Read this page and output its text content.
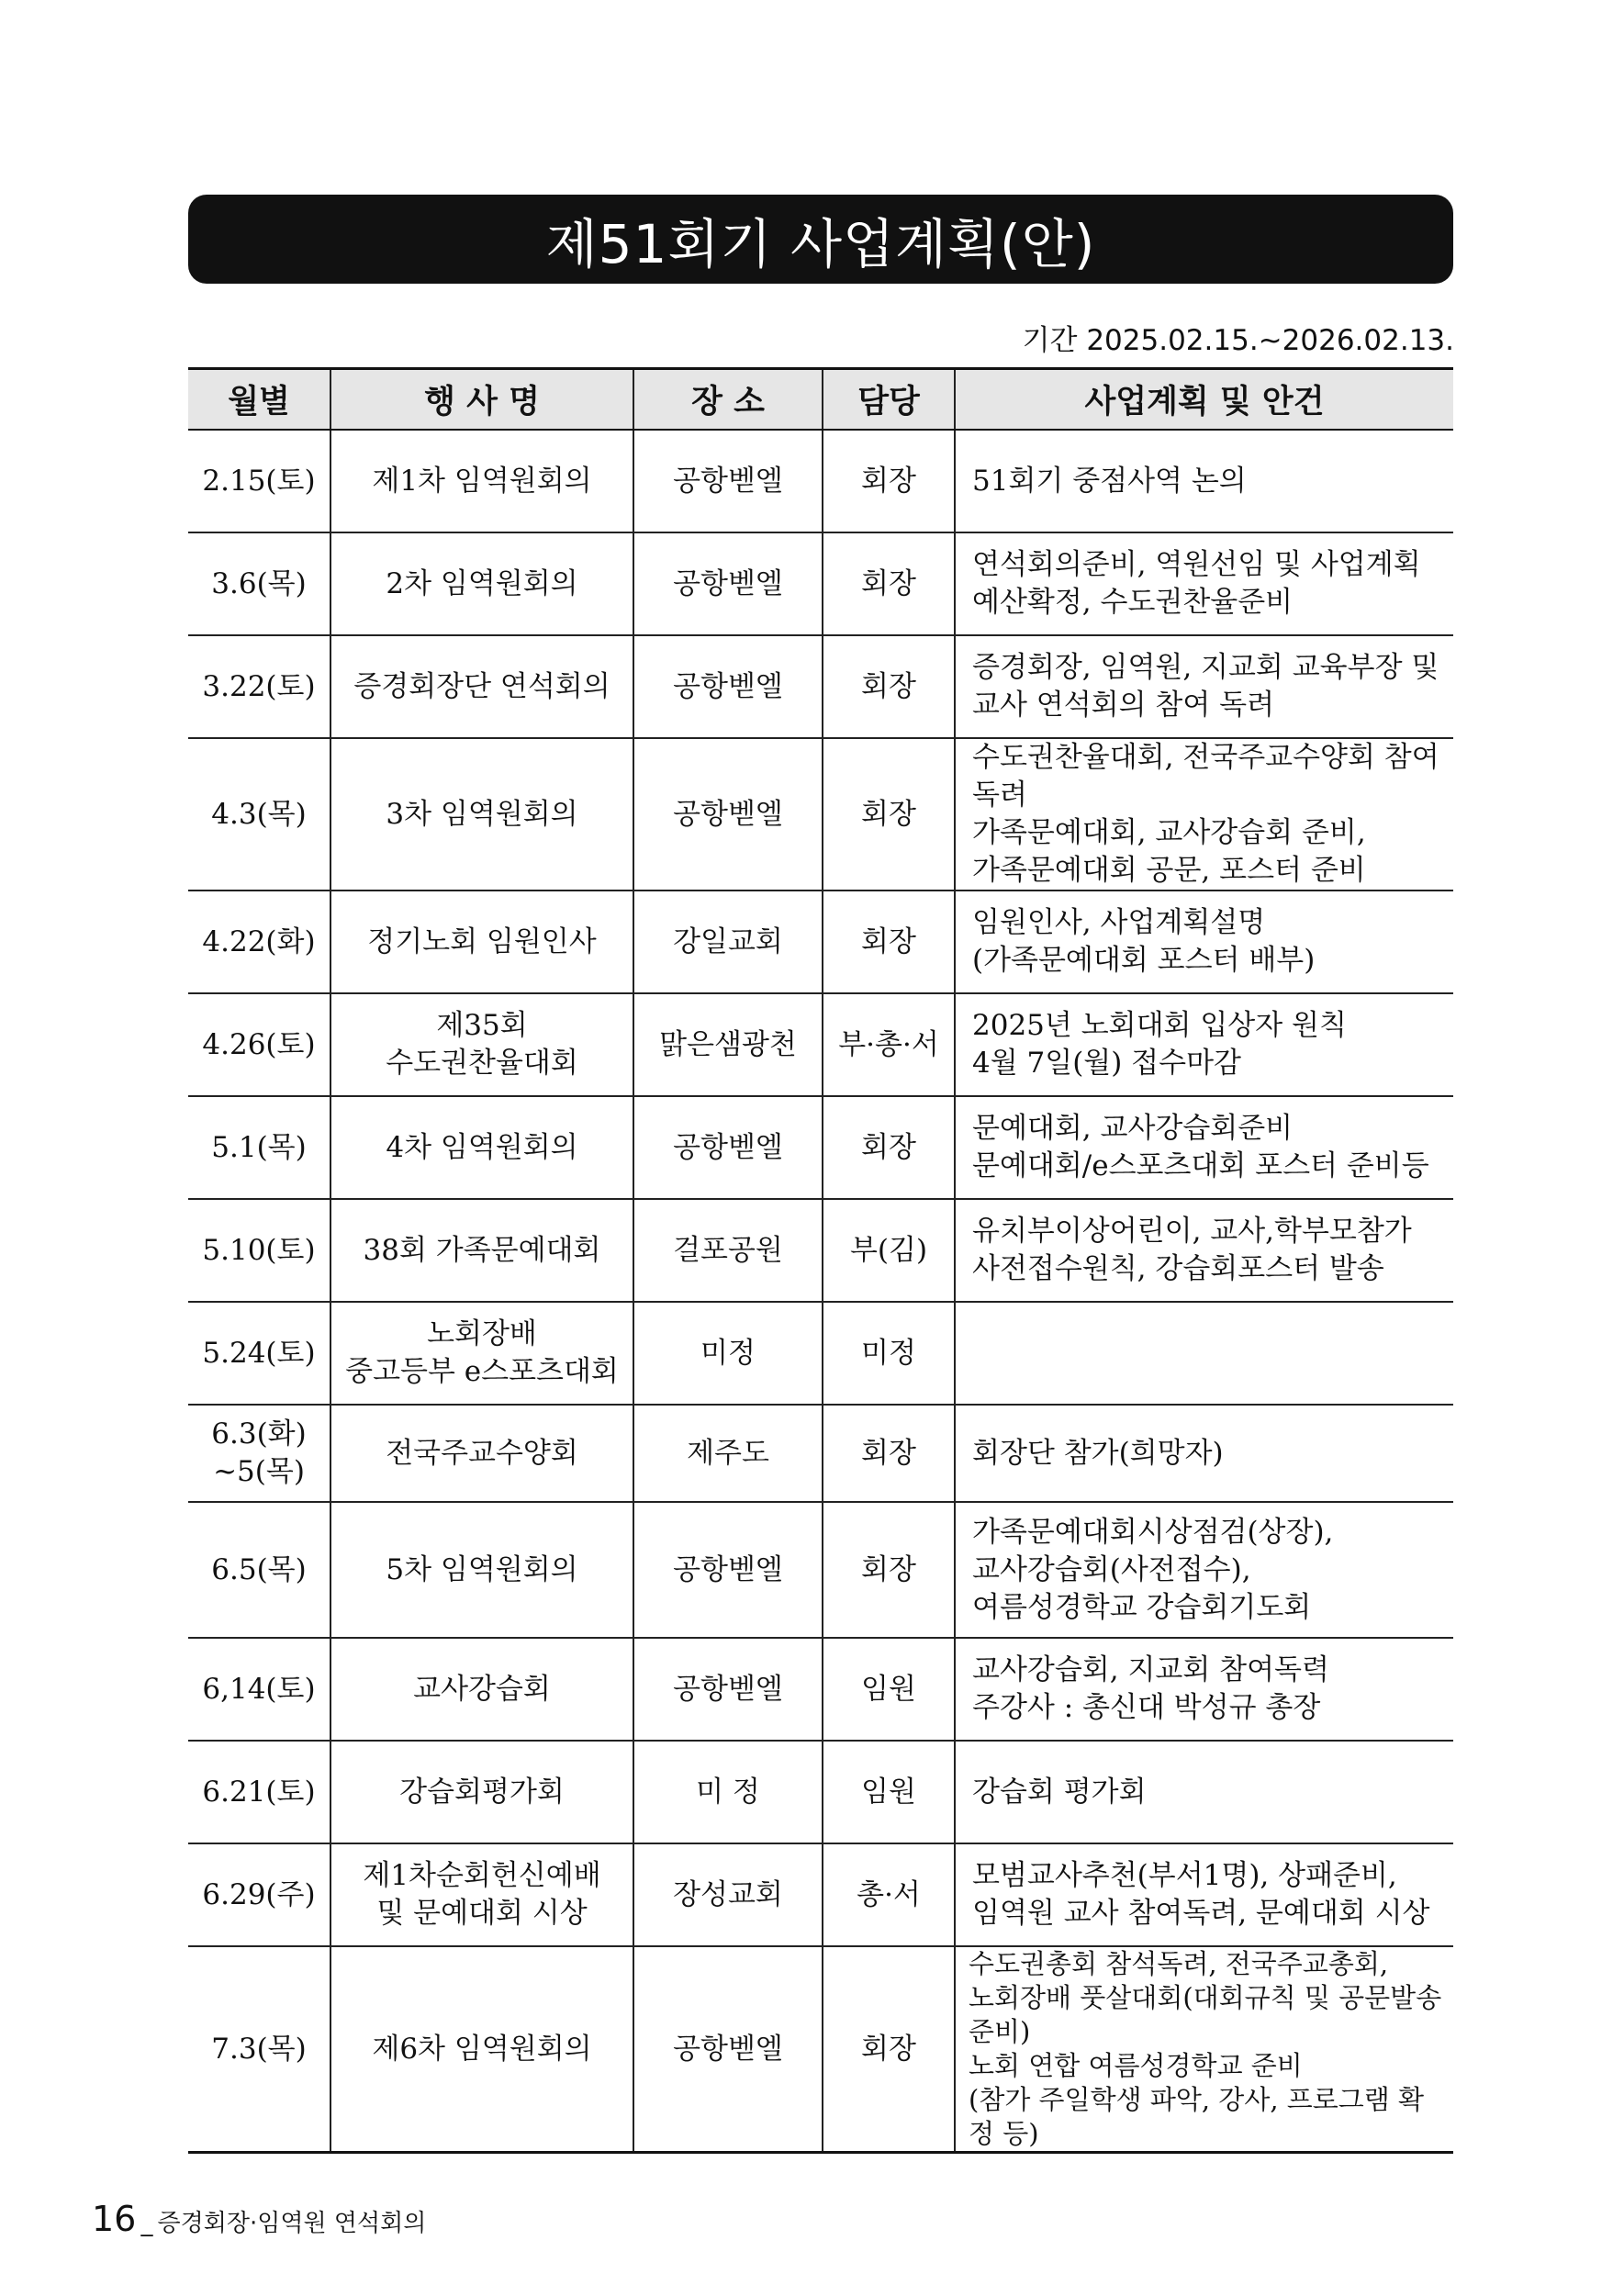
제51회기 사업계획(안)
기간 2025.02.15.~2026.02.13.
월별	행 사 명	장 소	담당	사업계획 및 안건
2.15(토)	제1차 임역원회의	공항벧엘	회장	51회기 중점사역 논의
3.6(목)	2차 임역원회의	공항벧엘	회장	연석회의준비, 역원선임 및 사업계획
예산확정, 수도권찬율준비
3.22(토)	증경회장단 연석회의	공항벧엘	회장	증경회장, 임역원, 지교회 교육부장 및
교사 연석회의 참여 독려
4.3(목)	3차 임역원회의	공항벧엘	회장	수도권찬율대회, 전국주교수양회 참여독려
가족문예대회, 교사강습회 준비,
가족문예대회 공문, 포스터 준비
4.22(화)	정기노회 임원인사	강일교회	회장	임원인사, 사업계획설명
(가족문예대회 포스터 배부)
4.26(토)	제35회
수도권찬율대회	맑은샘광천	부·총·서	2025년 노회대회 입상자 원칙
4월 7일(월) 접수마감
5.1(목)	4차 임역원회의	공항벧엘	회장	문예대회, 교사강습회준비
문예대회/e스포츠대회 포스터 준비등
5.10(토)	38회 가족문예대회	걸포공원	부(김)	유치부이상어린이, 교사,학부모참가
사전접수원칙, 강습회포스터 발송
5.24(토)	노회장배
중고등부 e스포츠대회	미정	미정	
6.3(화)
~5(목)	전국주교수양회	제주도	회장	회장단 참가(희망자)
6.5(목)	5차 임역원회의	공항벧엘	회장	가족문예대회시상점검(상장),
교사강습회(사전접수),
여름성경학교 강습회기도회
6,14(토)	교사강습회	공항벧엘	임원	교사강습회, 지교회 참여독력
주강사 : 총신대 박성규 총장
6.21(토)	강습회평가회	미 정	임원	강습회 평가회
6.29(주)	제1차순회헌신예배
및 문예대회 시상	장성교회	총·서	모범교사추천(부서1명), 상패준비,
임역원 교사 참여독려, 문예대회 시상
7.3(목)	제6차 임역원회의	공항벧엘	회장	수도권총회 참석독려, 전국주교총회,
노회장배 풋살대회(대회규칙 및 공문발송 준비)
노회 연합 여름성경학교 준비
(참가 주일학생 파악, 강사, 프로그램 확정 등)
16 _ 증경회장·임역원 연석회의
